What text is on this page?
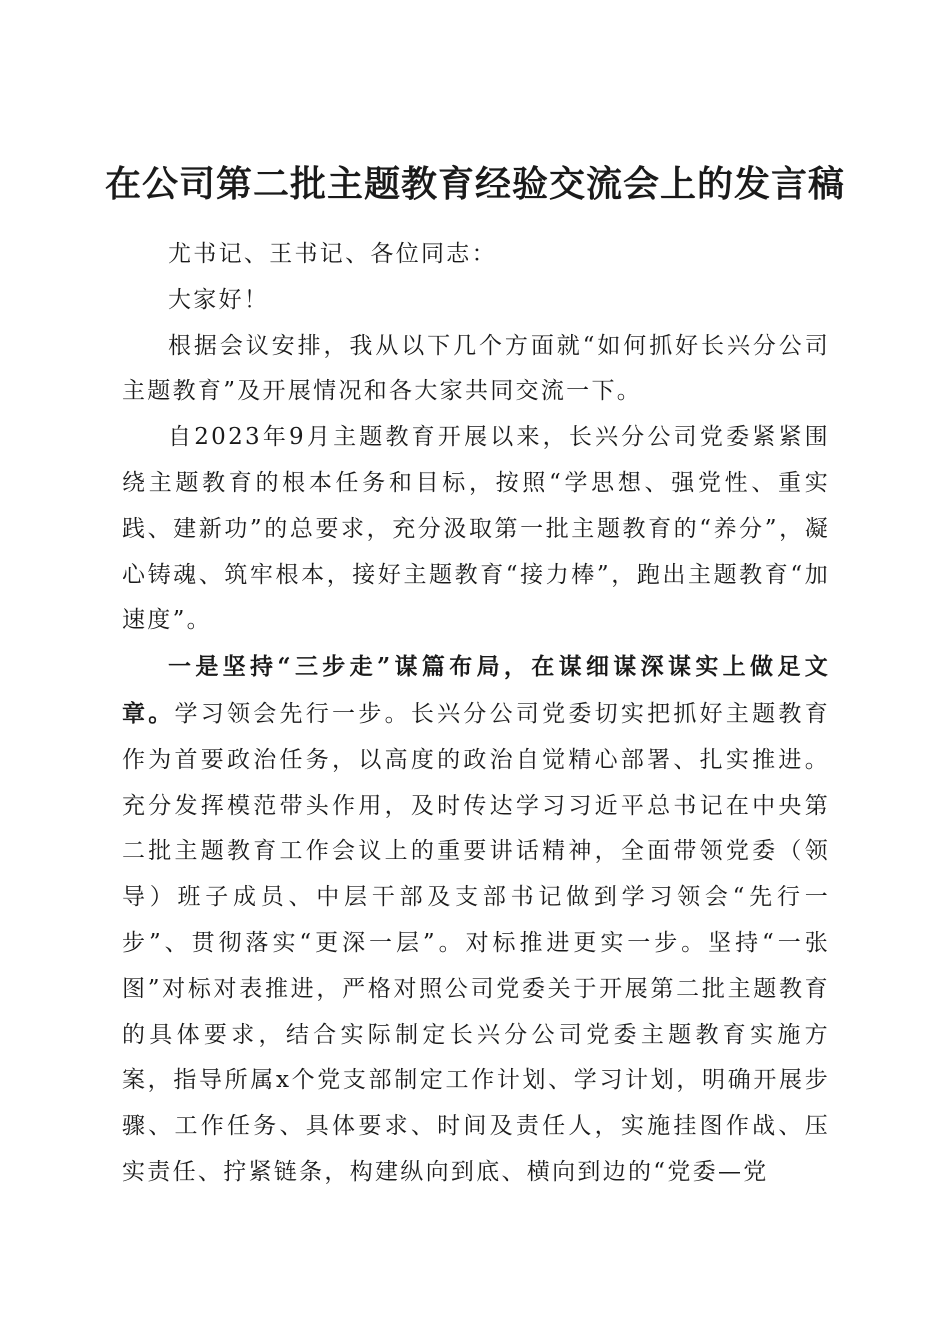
在公司第二批主题教育经验交流会上的发言稿

尤书记、王书记、各位同志：

大家好！

根据会议安排，我从以下几个方面就“如何抓好长兴分公司主题教育”及开展情况和各大家共同交流一下。

自2023年9月主题教育开展以来，长兴分公司党委紧紧围绕主题教育的根本任务和目标，按照“学思想、强党性、重实践、建新功”的总要求，充分汲取第一批主题教育的“养分”，凝心铸魂、筑牢根本，接好主题教育“接力棒”，跑出主题教育“加速度”。

一是坚持“三步走”谋篇布局，在谋细谋深谋实上做足文章。学习领会先行一步。长兴分公司党委切实把抓好主题教育作为首要政治任务，以高度的政治自觉精心部署、扎实推进。充分发挥模范带头作用，及时传达学习习近平总书记在中央第二批主题教育工作会议上的重要讲话精神，全面带领党委（领导）班子成员、中层干部及支部书记做到学习领会“先行一步”、贯彻落实“更深一层”。对标推进更实一步。坚持“一张图”对标对表推进，严格对照公司党委关于开展第二批主题教育的具体要求，结合实际制定长兴分公司党委主题教育实施方案，指导所属x个党支部制定工作计划、学习计划，明确开展步骤、工作任务、具体要求、时间及责任人，实施挂图作战、压实责任、拧紧链条，构建纵向到底、横向到边的“党委—党
